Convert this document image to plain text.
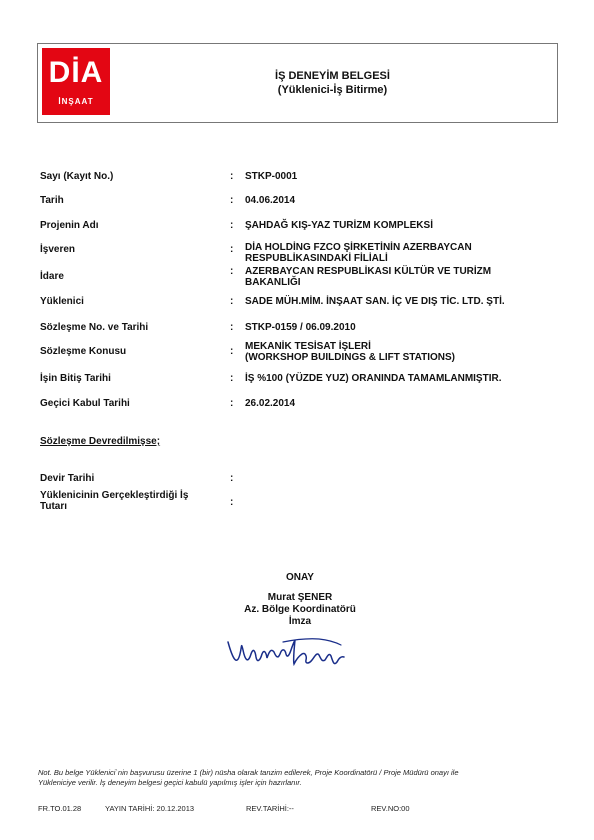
DİA
İNŞAAT
İŞ DENEYİM BELGESİ
(Yüklenici-İş Bitirme)
Sayı (Kayıt No.)	: STKP-0001
Tarih	: 04.06.2014
Projenin Adı	: ŞAHDAĞ KIŞ-YAZ TURİZM KOMPLEKSİ
İşveren	: DİA HOLDİNG FZCO ŞİRKETİNİN AZERBAYCAN
RESPUBLİKASINDAKİ FİLİALİ
İdare	: AZERBAYCAN RESPUBLİKASI KÜLTÜR VE TURİZM
BAKANLIĞI
Yüklenici	: SADE MÜH.MİM. İNŞAAT SAN. İÇ VE DIŞ TİC. LTD. ŞTİ.
Sözleşme No. ve Tarihi	: STKP-0159 / 06.09.2010
Sözleşme Konusu	: MEKANİK TESİSAT İŞLERİ
(WORKSHOP BUILDINGS & LIFT STATIONS)
İşin Bitiş Tarihi	: İŞ %100 (YÜZDE YUZ) ORANINDA TAMAMLANMIŞTIR.
Geçici Kabul Tarihi	: 26.02.2014
Sözleşme Devredilmişse;
Devir Tarihi	:
Yüklenicinin Gerçekleştirdiği İş
Tutarı	:
ONAY
Murat ŞENER
Az. Bölge Koordinatörü
İmza
Not. Bu belge Yüklenici`nin başvurusu üzerine 1 (bir) nüsha olarak tanzim edilerek, Proje Koordinatörü / Proje Müdürü onayı ile
Yükleniciye verilir. İş deneyim belgesi geçici kabulü yapılmış işler için hazırlanır.
FR.TO.01.28	YAYIN TARİHİ: 20.12.2013	REV.TARİHİ:--	REV.NO:00
